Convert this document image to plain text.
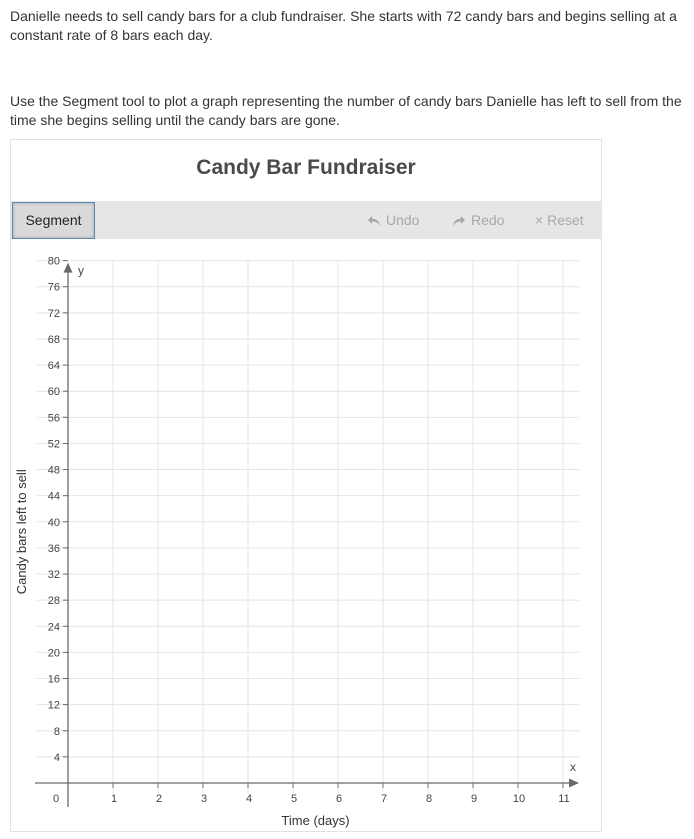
Danielle needs to sell candy bars for a club fundraiser. She starts with 72 candy bars and begins selling at a constant rate of 8 bars each day.

Use the Segment tool to plot a graph representing the number of candy bars Danielle has left to sell from the time she begins selling until the candy bars are gone.

Candy Bar Fundraiser
Segment	Undo	Redo × Reset
4
8
12
16
20
24
28
32
36
40
44
48
52
56
60
64
68
72
76
80
1	2	3	4	5	6	7	8	9	10	11
0
x
y
Time (days)
Candy bars left to sell
